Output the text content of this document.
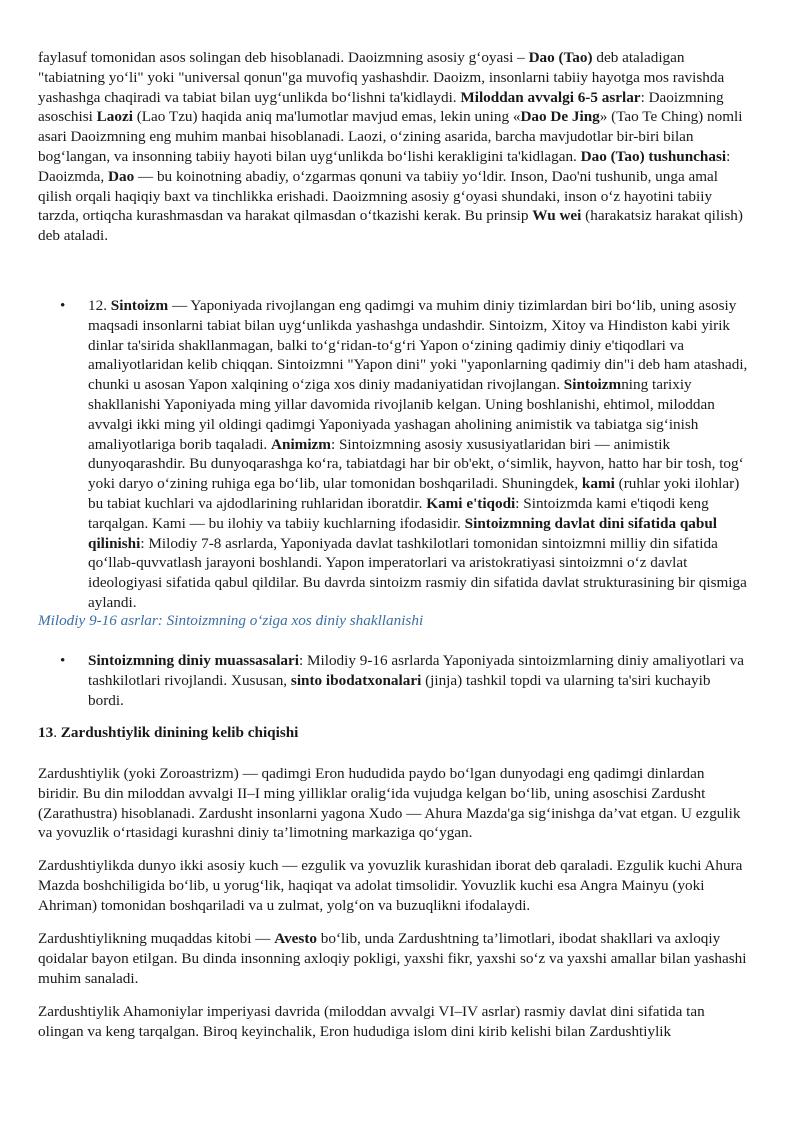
faylasuf tomonidan asos solingan deb hisoblanadi. Daoizmning asosiy g‘oyasi – Dao (Tao) deb ataladigan "tabiatning yo‘li" yoki "universal qonun"ga muvofiq yashashdir. Daoizm, insonlarni tabiiy hayotga mos ravishda yashashga chaqiradi va tabiat bilan uyg‘unlikda bo‘lishni ta'kidlaydi. Miloddan avvalgi 6-5 asrlar: Daoizmning asoschisi Laozi (Lao Tzu) haqida aniq ma'lumotlar mavjud emas, lekin uning «Dao De Jing» (Tao Te Ching) nomli asari Daoizmning eng muhim manbai hisoblanadi. Laozi, o‘zining asarida, barcha mavjudotlar bir-biri bilan bog‘langan, va insonning tabiiy hayoti bilan uyg‘unlikda bo‘lishi kerakligini ta'kidlagan. Dao (Tao) tushunchasi: Daoizmda, Dao — bu koinotning abadiy, o‘zgarmas qonuni va tabiiy yo‘ldir. Inson, Dao'ni tushunib, unga amal qilish orqali haqiqiy baxt va tinchlikka erishadi. Daoizmning asosiy g‘oyasi shundaki, inson o‘z hayotini tabiiy tarzda, ortiqcha kurashmasdan va harakat qilmasdan o‘tkazishi kerak. Bu prinsip Wu wei (harakatsiz harakat qilish) deb ataladi.

• 12. Sintoizm — Yaponiyada rivojlangan eng qadimgi va muhim diniy tizimlardan biri bo‘lib, uning asosiy maqsadi insonlarni tabiat bilan uyg‘unlikda yashashga undashdir. Sintoizm, Xitoy va Hindiston kabi yirik dinlar ta'sirida shakllanmagan, balki to‘g‘ridan-to‘g‘ri Yapon o‘zining qadimiy diniy e'tiqodlari va amaliyotlaridan kelib chiqqan. Sintoizmni "Yapon dini" yoki "yaponlarning qadimiy din"i deb ham atashadi, chunki u asosan Yapon xalqining o‘ziga xos diniy madaniyatidan rivojlangan. Sintoizmning tarixiy shakllanishi Yaponiyada ming yillar davomida rivojlanib kelgan. Uning boshlanishi, ehtimol, miloddan avvalgi ikki ming yil oldingi qadimgi Yaponiyada yashagan aholining animistik va tabiatga sig‘inish amaliyotlariga borib taqaladi. Animizm: Sintoizmning asosiy xususiyatlaridan biri — animistik dunyoqarashdir. Bu dunyoqarashga ko‘ra, tabiatdagi har bir ob'ekt, o‘simlik, hayvon, hatto har bir tosh, tog‘ yoki daryo o‘zining ruhiga ega bo‘lib, ular tomonidan boshqariladi. Shuningdek, kami (ruhlar yoki ilohlar) bu tabiat kuchlari va ajdodlarining ruhlaridan iboratdir. Kami e'tiqodi: Sintoizmda kami e'tiqodi keng tarqalgan. Kami — bu ilohiy va tabiiy kuchlarning ifodasidir. Sintoizmning davlat dini sifatida qabul qilinishi: Milodiy 7-8 asrlarda, Yaponiyada davlat tashkilotlari tomonidan sintoizmni milliy din sifatida qo‘llab-quvvatlash jarayoni boshlandi. Yapon imperatorlari va aristokratiyasi sintoizmni o‘z davlat ideologiyasi sifatida qabul qildilar. Bu davrda sintoizm rasmiy din sifatida davlat strukturasining bir qismiga aylandi.

Milodiy 9-16 asrlar: Sintoizmning o‘ziga xos diniy shakllanishi

• Sintoizmning diniy muassasalari: Milodiy 9-16 asrlarda Yaponiyada sintoizmlarning diniy amaliyotlari va tashkilotlari rivojlandi. Xususan, sinto ibodatxonalari (jinja) tashkil topdi va ularning ta'siri kuchayib bordi.

13. Zardushtiylik dinining kelib chiqishi

Zardushtiylik (yoki Zoroastrizm) — qadimgi Eron hududida paydo bo‘lgan dunyodagi eng qadimgi dinlardan biridir. Bu din miloddan avvalgi II–I ming yilliklar oralig‘ida vujudga kelgan bo‘lib, uning asoschisi Zardusht (Zarathustra) hisoblanadi. Zardusht insonlarni yagona Xudo — Ahura Mazda'ga sig‘inishga da’vat etgan. U ezgulik va yovuzlik o‘rtasidagi kurashni diniy ta’limotning markaziga qo‘ygan.

Zardushtiylikda dunyo ikki asosiy kuch — ezgulik va yovuzlik kurashidan iborat deb qaraladi. Ezgulik kuchi Ahura Mazda boshchiligida bo‘lib, u yorug‘lik, haqiqat va adolat timsolidir. Yovuzlik kuchi esa Angra Mainyu (yoki Ahriman) tomonidan boshqariladi va u zulmat, yolg‘on va buzuqlikni ifodalaydi.

Zardushtiylikning muqaddas kitobi — Avesto bo‘lib, unda Zardushtning ta’limotlari, ibodat shakllari va axloqiy qoidalar bayon etilgan. Bu dinda insonning axloqiy pokligi, yaxshi fikr, yaxshi so‘z va yaxshi amallar bilan yashashi muhim sanaladi.

Zardushtiylik Ahamoniylar imperiyasi davrida (miloddan avvalgi VI–IV asrlar) rasmiy davlat dini sifatida tan olingan va keng tarqalgan. Biroq keyinchalik, Eron hududiga islom dini kirib kelishi bilan Zardushtiylik
